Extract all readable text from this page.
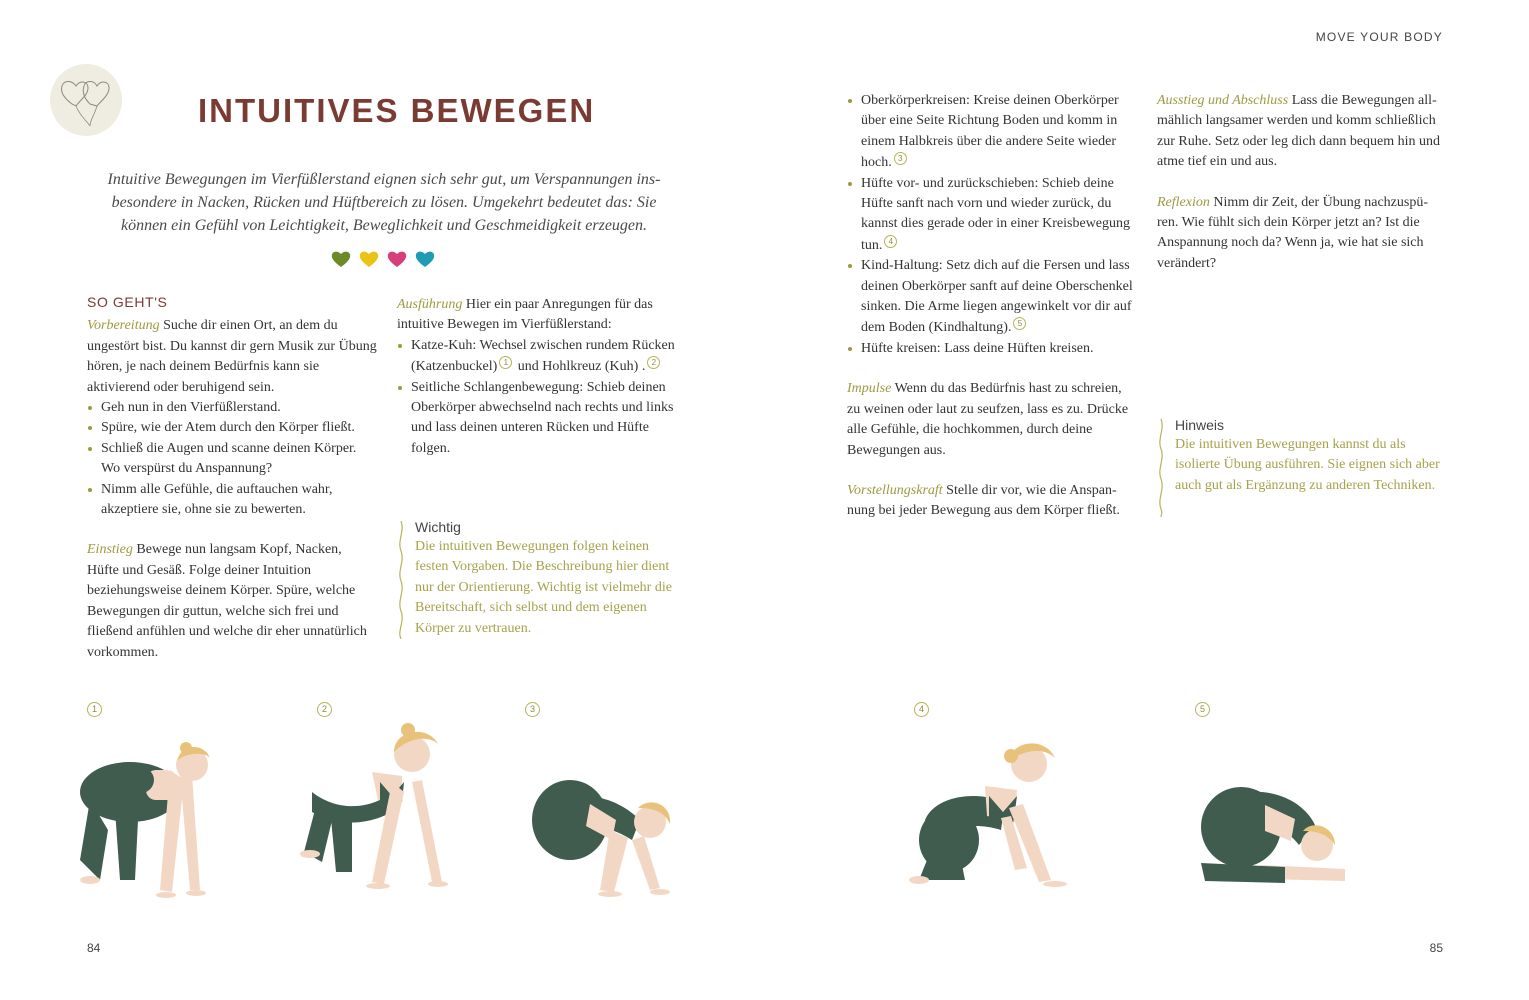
MOVE YOUR BODY
INTUITIVES BEWEGEN

Intuitive Bewegungen im Vierfüßlerstand eignen sich sehr gut, um Verspannungen insbesondere in Nacken, Rücken und Hüftbereich zu lösen. Umgekehrt bedeutet das: Sie können ein Gefühl von Leichtigkeit, Beweglichkeit und Geschmeidigkeit erzeugen.

SO GEHT'S

Vorbereitung Suche dir einen Ort, an dem du ungestört bist. Du kannst dir gern Musik zur Übung hören, je nach deinem Bedürfnis kann sie aktivierend oder beruhigend sein.

Geh nun in den Vierfüßlerstand.
Spüre, wie der Atem durch den Körper fließt.
Schließ die Augen und scanne deinen Körper. Wo verspürst du Anspannung?
Nimm alle Gefühle, die auftauchen wahr, akzeptiere sie, ohne sie zu bewerten.

Einstieg Bewege nun langsam Kopf, Nacken, Hüfte und Gesäß. Folge deiner Intuition beziehungsweise deinem Körper. Spüre, welche Bewegungen dir guttun, welche sich frei und fließend anfühlen und welche dir eher unnatürlich vorkommen.

Ausführung Hier ein paar Anregungen für das intuitive Bewegen im Vierfüßlerstand:

Katze-Kuh: Wechsel zwischen rundem Rücken (Katzenbuckel) 1 und Hohlkreuz (Kuh) . 2
Seitliche Schlangenbewegung: Schieb deinen Oberkörper abwechselnd nach rechts und links und lass deinen unteren Rücken und Hüfte folgen.
Wichtig
Die intuitiven Bewegungen folgen keinen festen Vorgaben. Die Beschreibung hier dient nur der Orientierung. Wichtig ist vielmehr die Bereitschaft, sich selbst und dem eigenen Körper zu vertrauen.
Oberkörperkreisen: Kreise deinen Oberkörper über eine Seite Richtung Boden und komm in einem Halbkreis über die andere Seite wieder hoch. 3
Hüfte vor- und zurückschieben: Schieb deine Hüfte sanft nach vorn und wieder zurück, du kannst dies gerade oder in einer Kreisbewegung tun. 4
Kind-Haltung: Setz dich auf die Fersen und lass deinen Oberkörper sanft auf deine Oberschenkel sinken. Die Arme liegen angewinkelt vor dir auf dem Boden (Kindhaltung). 5
Hüfte kreisen: Lass deine Hüften kreisen.

Impulse Wenn du das Bedürfnis hast zu schreien, zu weinen oder laut zu seufzen, lass es zu. Drücke alle Gefühle, die hochkommen, durch deine Bewegungen aus.

Vorstellungskraft Stelle dir vor, wie die Anspannung bei jeder Bewegung aus dem Körper fließt.

Ausstieg und Abschluss Lass die Bewegungen allmählich langsamer werden und komm schließlich zur Ruhe. Setz oder leg dich dann bequem hin und atme tief ein und aus.

Reflexion Nimm dir Zeit, der Übung nachzuspüren. Wie fühlt sich dein Körper jetzt an? Ist die Anspannung noch da? Wenn ja, wie hat sie sich verändert?

Hinweis
Die intuitiven Bewegungen kannst du als isolierte Übung ausführen. Sie eignen sich aber auch gut als Ergänzung zu anderen Techniken.
1	2	3	4	5
84	85
